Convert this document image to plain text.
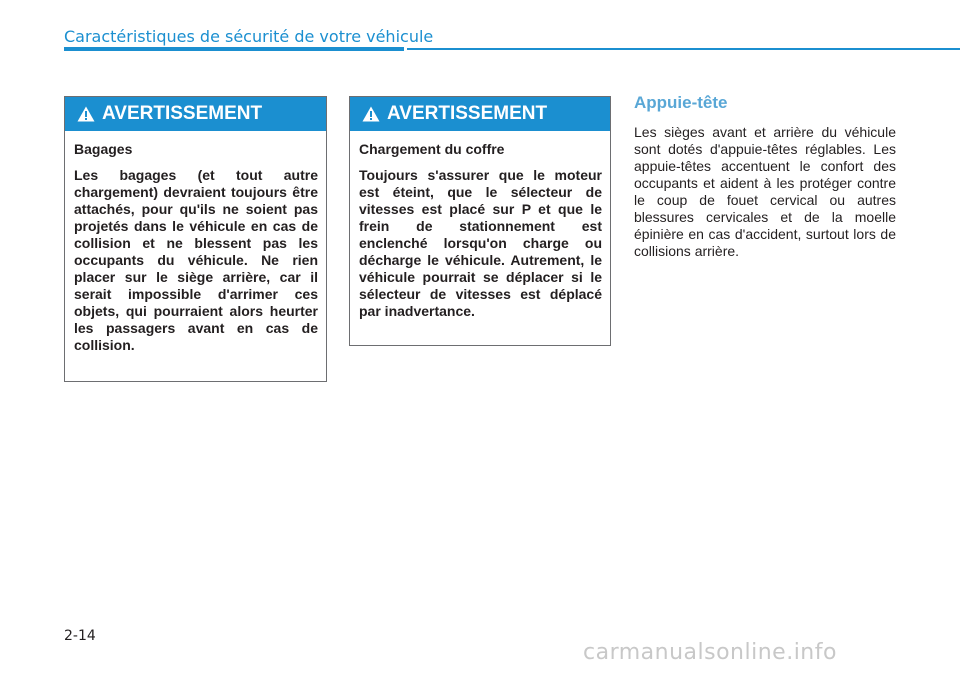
Caractéristiques de sécurité de votre véhicule
AVERTISSEMENT

Bagages

Les bagages (et tout autre chargement) devraient toujours être attachés, pour qu'ils ne soient pas projetés dans le véhicule en cas de collision et ne blessent pas les occupants du véhicule. Ne rien placer sur le siège arrière, car il serait impossible d'arrimer ces objets, qui pourraient alors heurter les passagers avant en cas de collision.

AVERTISSEMENT

Chargement du coffre

Toujours s'assurer que le moteur est éteint, que le sélecteur de vitesses est placé sur P et que le frein de stationnement est enclenché lorsqu'on charge ou décharge le véhicule. Autrement, le véhicule pourrait se déplacer si le sélecteur de vitesses est déplacé par inadvertance.

Appuie-tête

Les sièges avant et arrière du véhicule sont dotés d'appuie-têtes réglables. Les appuie-têtes accentuent le confort des occupants et aident à les protéger contre le coup de fouet cervical ou autres blessures cervicales et de la moelle épinière en cas d'accident, surtout lors de collisions arrière.

2-14
carmanualsonline.info
